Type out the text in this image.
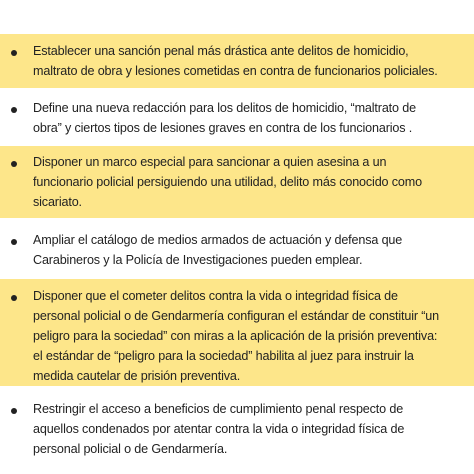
Establecer una sanción penal más drástica ante delitos de homicidio,
maltrato de obra y lesiones cometidas en contra de funcionarios policiales.
Define una nueva redacción para los delitos de homicidio, “maltrato de
obra” y ciertos tipos de lesiones graves en contra de los funcionarios .
Disponer un marco especial para sancionar a quien asesina a un
funcionario policial persiguiendo una utilidad, delito más conocido como
sicariato.
Ampliar el catálogo de medios armados de actuación y defensa que
Carabineros y la Policía de Investigaciones pueden emplear.
Disponer que el cometer delitos contra la vida o integridad física de
personal policial o de Gendarmería configuran el estándar de constituir “un
peligro para la sociedad” con miras a la aplicación de la prisión preventiva:
el estándar de “peligro para la sociedad” habilita al juez para instruir la
medida cautelar de prisión preventiva.
Restringir el acceso a beneficios de cumplimiento penal respecto de
aquellos condenados por atentar contra la vida o integridad física de
personal policial o de Gendarmería.
